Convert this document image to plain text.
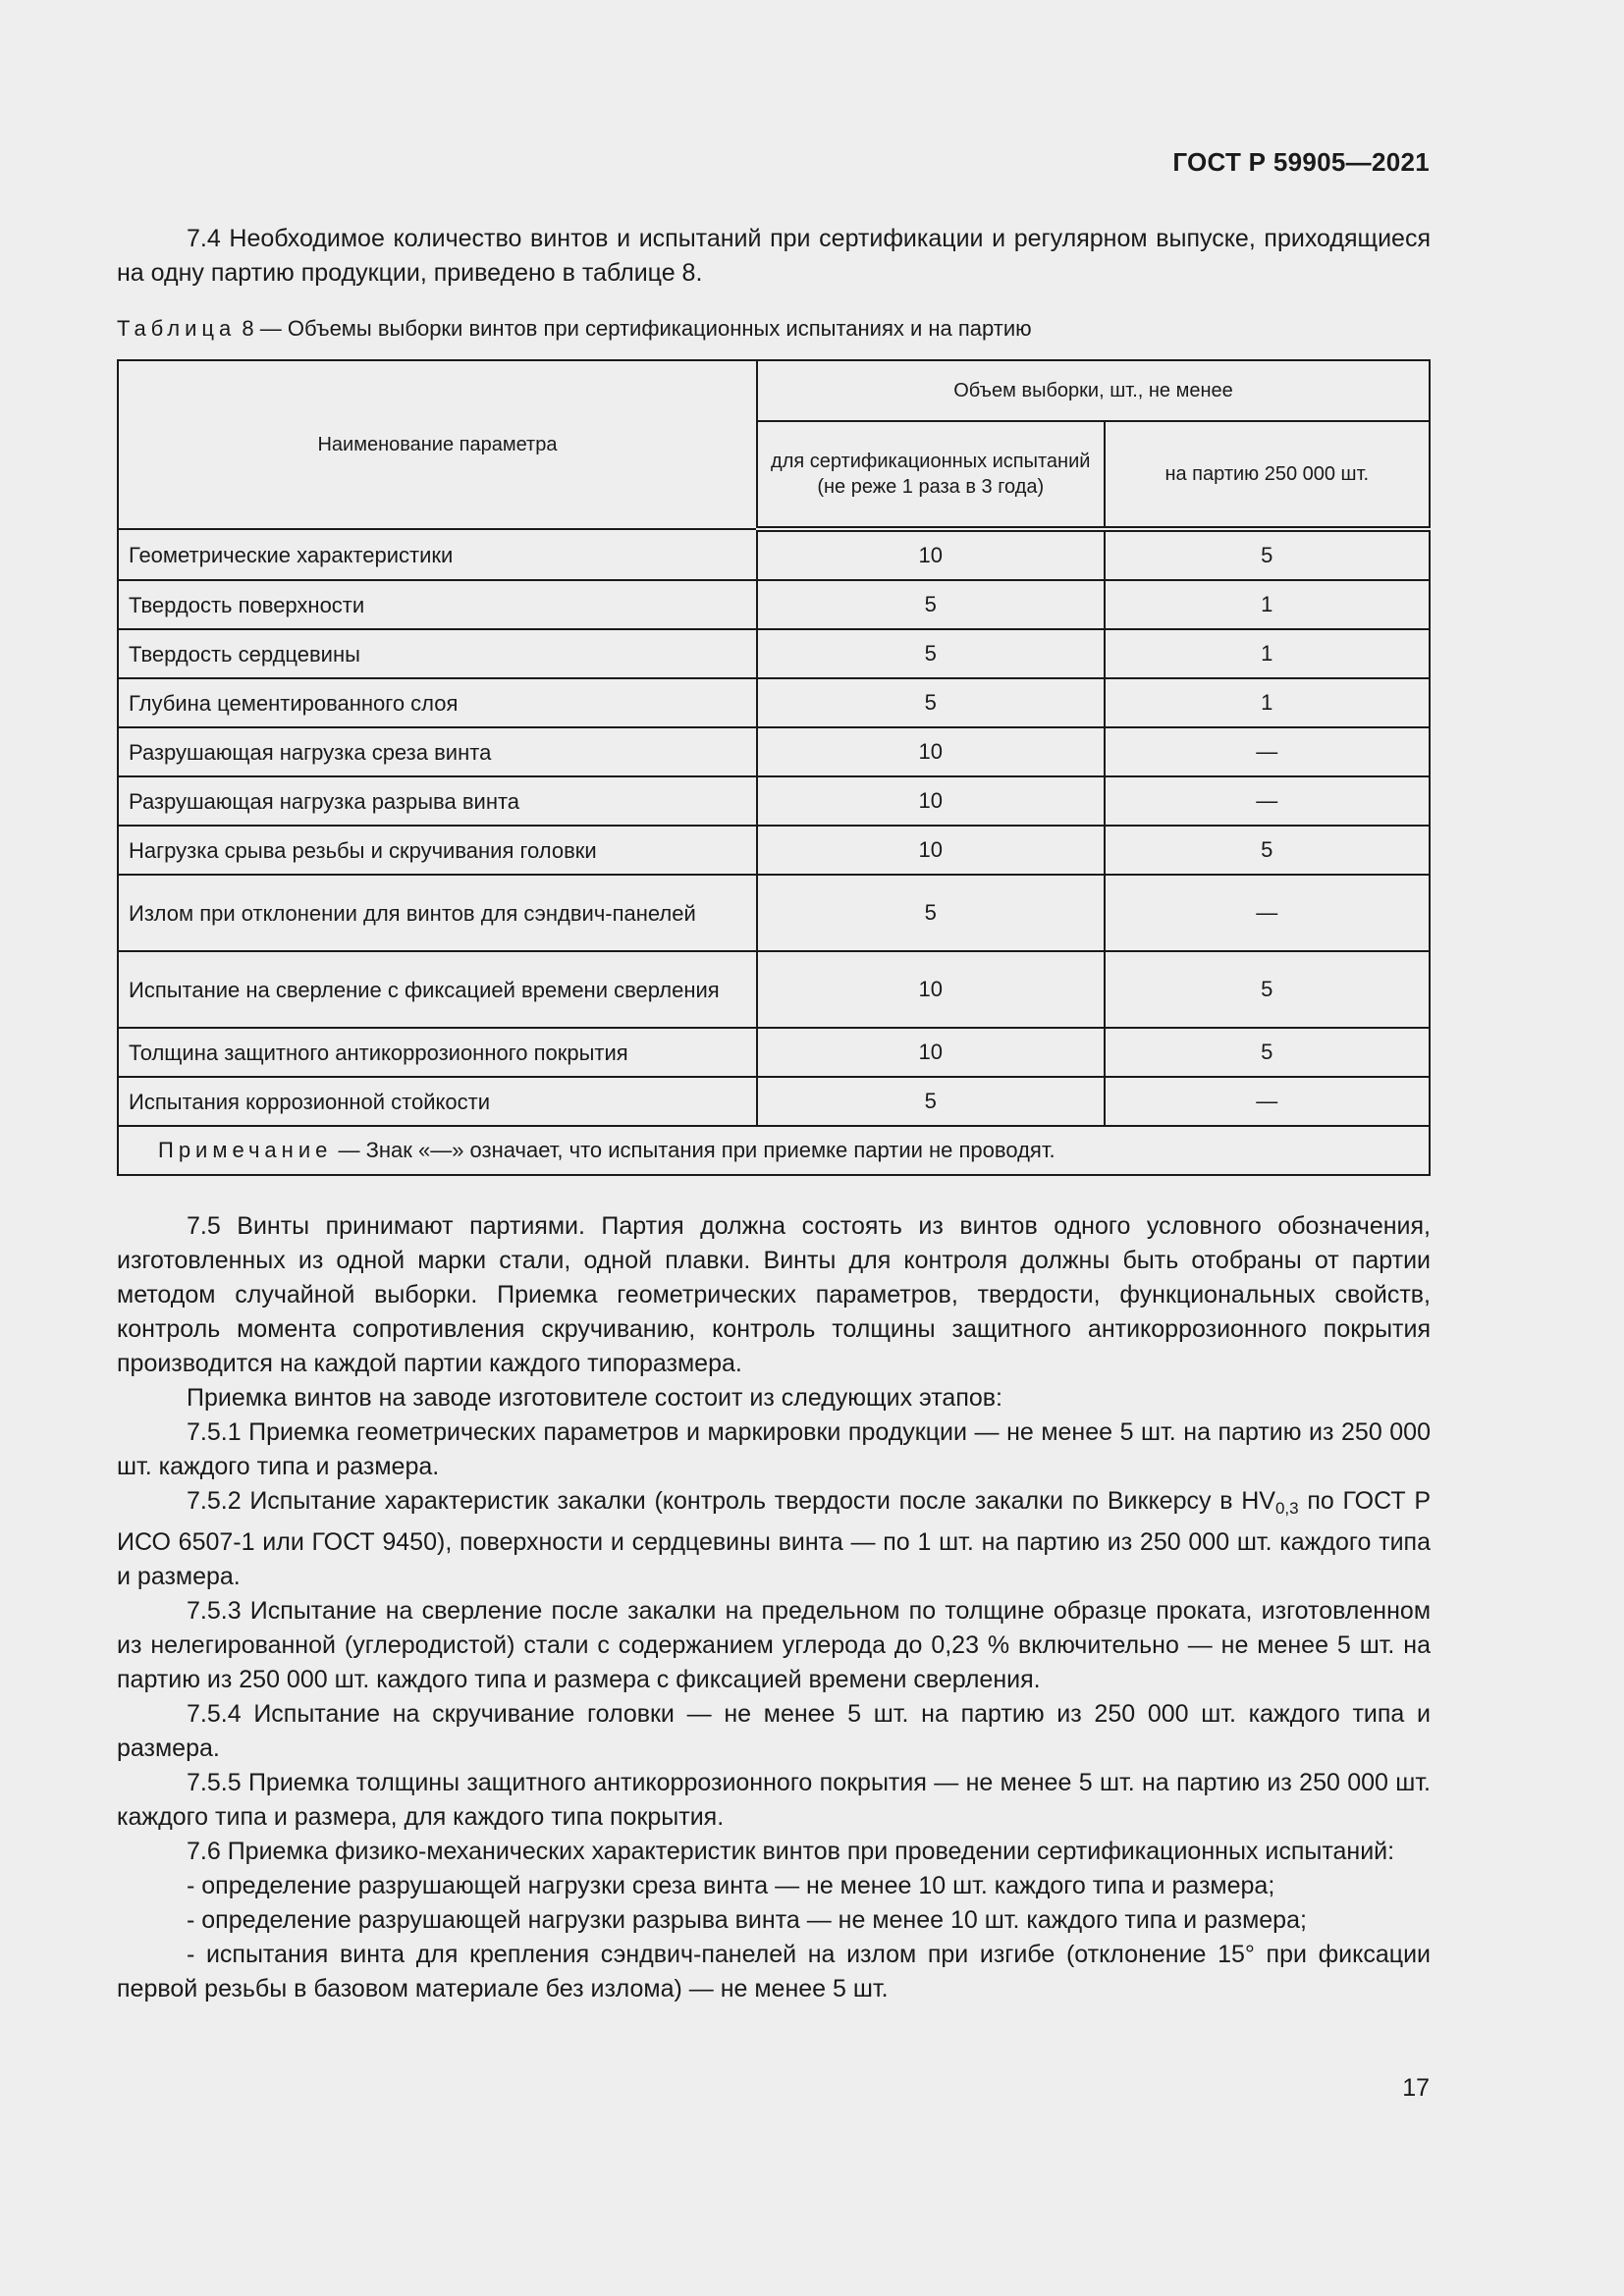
ГОСТ Р 59905—2021

7.4 Необходимое количество винтов и испытаний при сертификации и регулярном выпуске, приходящиеся на одну партию продукции, приведено в таблице 8.

Таблица 8 — Объемы выборки винтов при сертификационных испытаниях и на партию
Наименование параметра	Объем выборки, шт., не менее	
	для сертификационных испытаний (не реже 1 раза в 3 года)	на партию 250 000 шт.
Геометрические характеристики	10	5
Твердость поверхности	5	1
Твердость сердцевины	5	1
Глубина цементированного слоя	5	1
Разрушающая нагрузка среза винта	10	—
Разрушающая нагрузка разрыва винта	10	—
Нагрузка срыва резьбы и скручивания головки	10	5
Излом при отклонении для винтов для сэндвич-панелей	5	—
Испытание на сверление с фиксацией времени сверления	10	5
Толщина защитного антикоррозионного покрытия	10	5
Испытания коррозионной стойкости	5	—
Примечание — Знак «—» означает, что испытания при приемке партии не проводят.		

7.5 Винты принимают партиями. Партия должна состоять из винтов одного условного обозначения, изготовленных из одной марки стали, одной плавки. Винты для контроля должны быть отобраны от партии методом случайной выборки. Приемка геометрических параметров, твердости, функциональных свойств, контроль момента сопротивления скручиванию, контроль толщины защитного антикоррозионного покрытия производится на каждой партии каждого типоразмера.

Приемка винтов на заводе изготовителе состоит из следующих этапов:

7.5.1 Приемка геометрических параметров и маркировки продукции — не менее 5 шт. на партию из 250 000 шт. каждого типа и размера.

7.5.2 Испытание характеристик закалки (контроль твердости после закалки по Виккерсу в $HV_{0,3}$ по ГОСТ Р ИСО 6507-1 или ГОСТ 9450), поверхности и сердцевины винта — по 1 шт. на партию из 250 000 шт. каждого типа и размера.

7.5.3 Испытание на сверление после закалки на предельном по толщине образце проката, изготовленном из нелегированной (углеродистой) стали с содержанием углерода до 0,23 % включительно — не менее 5 шт. на партию из 250 000 шт. каждого типа и размера с фиксацией времени сверления.

7.5.4 Испытание на скручивание головки — не менее 5 шт. на партию из 250 000 шт. каждого типа и размера.

7.5.5 Приемка толщины защитного антикоррозионного покрытия — не менее 5 шт. на партию из 250 000 шт. каждого типа и размера, для каждого типа покрытия.

7.6 Приемка физико-механических характеристик винтов при проведении сертификационных испытаний:

- определение разрушающей нагрузки среза винта — не менее 10 шт. каждого типа и размера;

- определение разрушающей нагрузки разрыва винта — не менее 10 шт. каждого типа и размера;

- испытания винта для крепления сэндвич-панелей на излом при изгибе (отклонение 15° при фиксации первой резьбы в базовом материале без излома) — не менее 5 шт.

17
